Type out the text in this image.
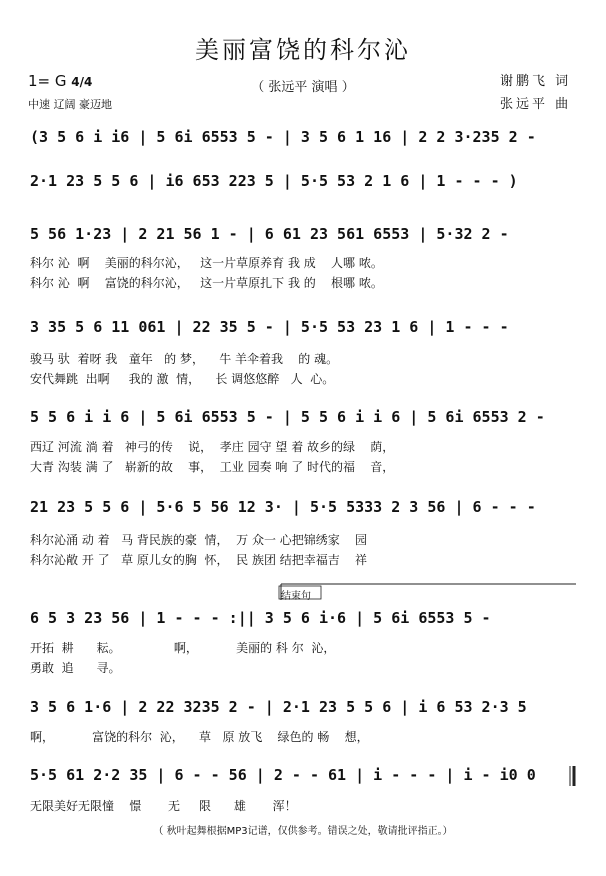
美丽富饶的科尔沁
（ 张远平 演唱 ）
1= G 4/4
中速 辽阔 豪迈地
谢鹏飞 词
张远平 曲
结束句
(3 5 6 i i6 | 5 6i 6553 5 - | 3 5 6 1 16 | 2 2 3·235 2 -
2·1 23 5 5 6 | i6 653 223 5 | 5·5 53 2 1 6 | 1 - - - )
5 56 1·23 | 2 21 56 1 - | 6 61 23 561 6553 | 5·32 2 -
科尔 沁  啊    美丽的科尔沁，   这一片草原养育 我 成    人哪 哝。
科尔 沁  啊    富饶的科尔沁，   这一片草原扎下 我 的    根哪 哝。
3 35 5 6 11 061 | 22 35 5 - | 5·5 53 23 1 6 | 1 - - -
骏马 驮  着呀 我   童年   的 梦，    牛 羊伞着我    的 魂。
安代舞跳  出啊     我的 激  情，    长 调悠悠醉   人  心。
5 5 6 i i 6 | 5 6i 6553 5 - | 5 5 6 i i 6 | 5 6i 6553 2 -
西辽 河流 淌 着   神弓的传    说，  孝庄 园守 望 着 故乡的绿    荫，
大青 沟装 满 了   崭新的故    事，  工业 园奏 响 了 时代的福    音，
21 23 5 5 6 | 5·6 5 56 12 3· | 5·5 5333 2 3 56 | 6 - - -
科尔沁涌 动 着   马 背民族的豪  情，  万 众一 心把锦绣家    园
科尔沁敞 开 了   草 原儿女的胸  怀，  民 族团 结把幸福吉    祥
6 5 3 23 56 | 1 - - - :|| 3 5 6 i·6 | 5 6i 6553 5 -
开拓  耕      耘。              啊，          美丽的 科 尔  沁，
勇敢  追      寻。
3 5 6 1·6 | 2 22 3235 2 - | 2·1 23 5 5 6 | i 6 53 2·3 5
啊，          富饶的科尔  沁，    草   原 放飞    绿色的 畅    想，
5·5 61 2·2 35 | 6 - - 56 | 2 - - 61 | i - - - | i - i0 0
无限美好无限憧    憬       无     限      雄       浑！
（ 秋叶起舞根据MP3记谱，仅供参考。错误之处，敬请批评指正。）
